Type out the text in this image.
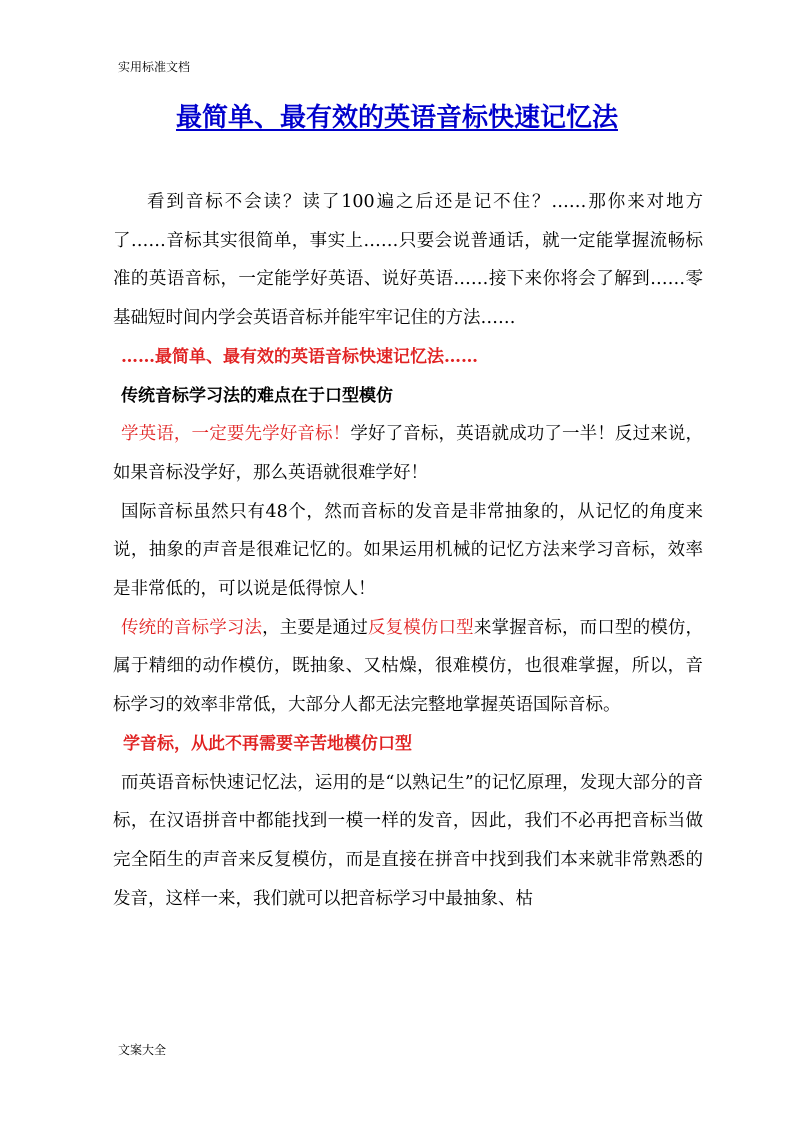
实用标准文档
最简单、最有效的英语音标快速记忆法

看到音标不会读？读了100遍之后还是记不住？……那你来对地方了……音标其实很简单，事实上……只要会说普通话，就一定能掌握流畅标准的英语音标，一定能学好英语、说好英语……接下来你将会了解到……零基础短时间内学会英语音标并能牢牢记住的方法……

……最简单、最有效的英语音标快速记忆法……

传统音标学习法的难点在于口型模仿

学英语，一定要先学好音标！学好了音标，英语就成功了一半！反过来说，如果音标没学好，那么英语就很难学好！

国际音标虽然只有48个，然而音标的发音是非常抽象的，从记忆的角度来说，抽象的声音是很难记忆的。如果运用机械的记忆方法来学习音标，效率是非常低的，可以说是低得惊人！

传统的音标学习法，主要是通过反复模仿口型来掌握音标，而口型的模仿，属于精细的动作模仿，既抽象、又枯燥，很难模仿，也很难掌握，所以，音标学习的效率非常低，大部分人都无法完整地掌握英语国际音标。

学音标，从此不再需要辛苦地模仿口型

而英语音标快速记忆法，运用的是“以熟记生”的记忆原理，发现大部分的音标，在汉语拼音中都能找到一模一样的发音，因此，我们不必再把音标当做完全陌生的声音来反复模仿，而是直接在拼音中找到我们本来就非常熟悉的发音，这样一来，我们就可以把音标学习中最抽象、枯

文案大全
